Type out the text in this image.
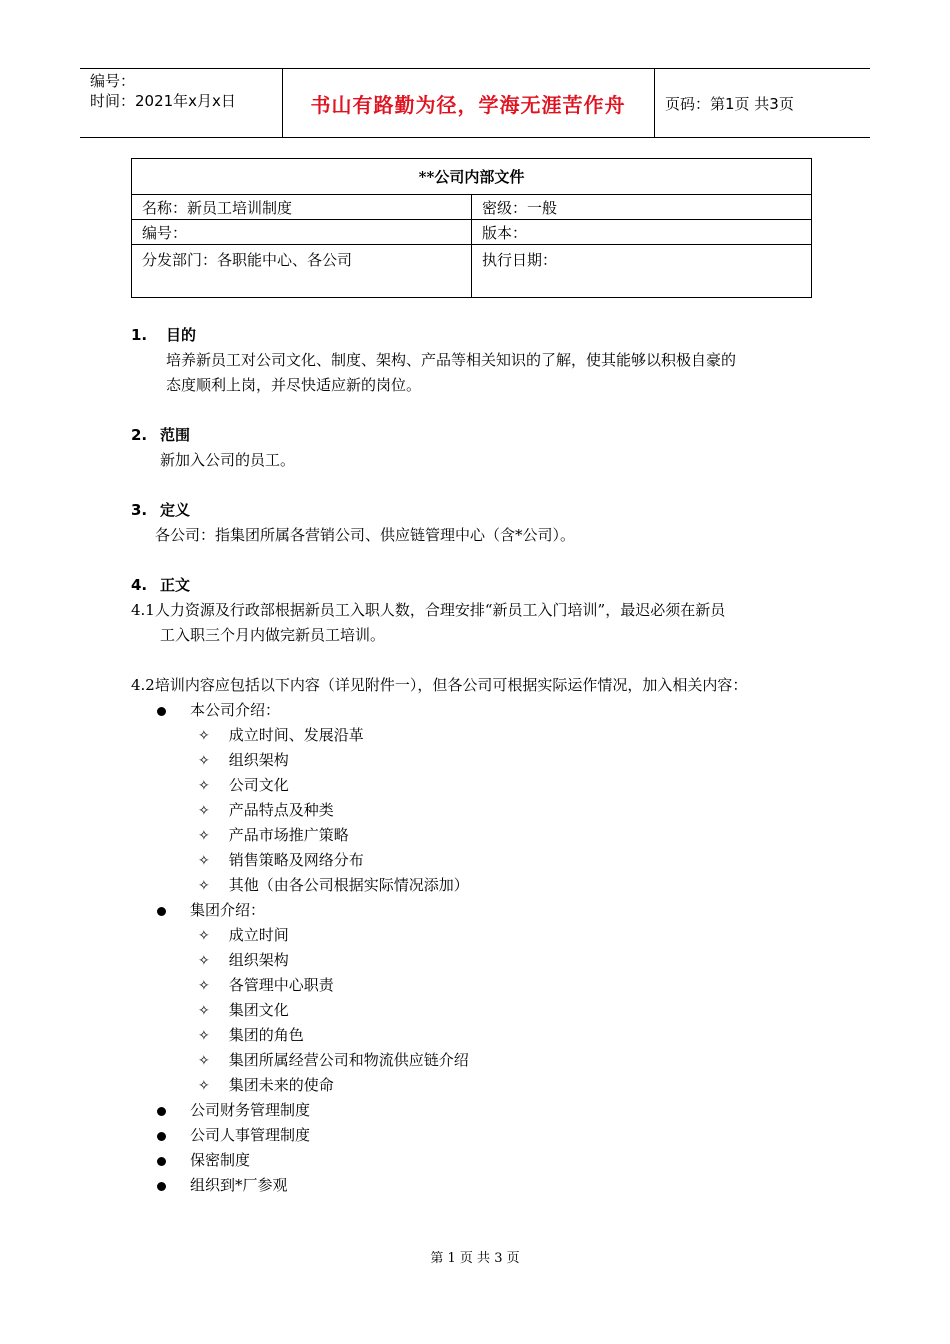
编号：
时间：2021年x月x日	书山有路勤为径，学海无涯苦作舟	页码：第1页 共3页
**公司内部文件	
名称：新员工培训制度	密级：一般
编号：	版本：
分发部门：各职能中心、各公司	执行日期：
1. 目的
培养新员工对公司文化、制度、架构、产品等相关知识的了解，使其能够以积极自豪的
态度顺利上岗，并尽快适应新的岗位。
2. 范围
新加入公司的员工。
3. 定义
各公司：指集团所属各营销公司、供应链管理中心（含*公司）。
4. 正文
4.1人力资源及行政部根据新员工入职人数，合理安排“新员工入门培训”，最迟必须在新员
工入职三个月内做完新员工培训。
4.2培训内容应包括以下内容（详见附件一），但各公司可根据实际运作情况，加入相关内容：
本公司介绍：
✧ 成立时间、发展沿革
✧ 组织架构
✧ 公司文化
✧ 产品特点及种类
✧ 产品市场推广策略
✧ 销售策略及网络分布
✧ 其他（由各公司根据实际情况添加）
集团介绍：
✧ 成立时间
✧ 组织架构
✧ 各管理中心职责
✧ 集团文化
✧ 集团的角色
✧ 集团所属经营公司和物流供应链介绍
✧ 集团未来的使命
公司财务管理制度
公司人事管理制度
保密制度
组织到*厂参观
第 1 页 共 3 页
